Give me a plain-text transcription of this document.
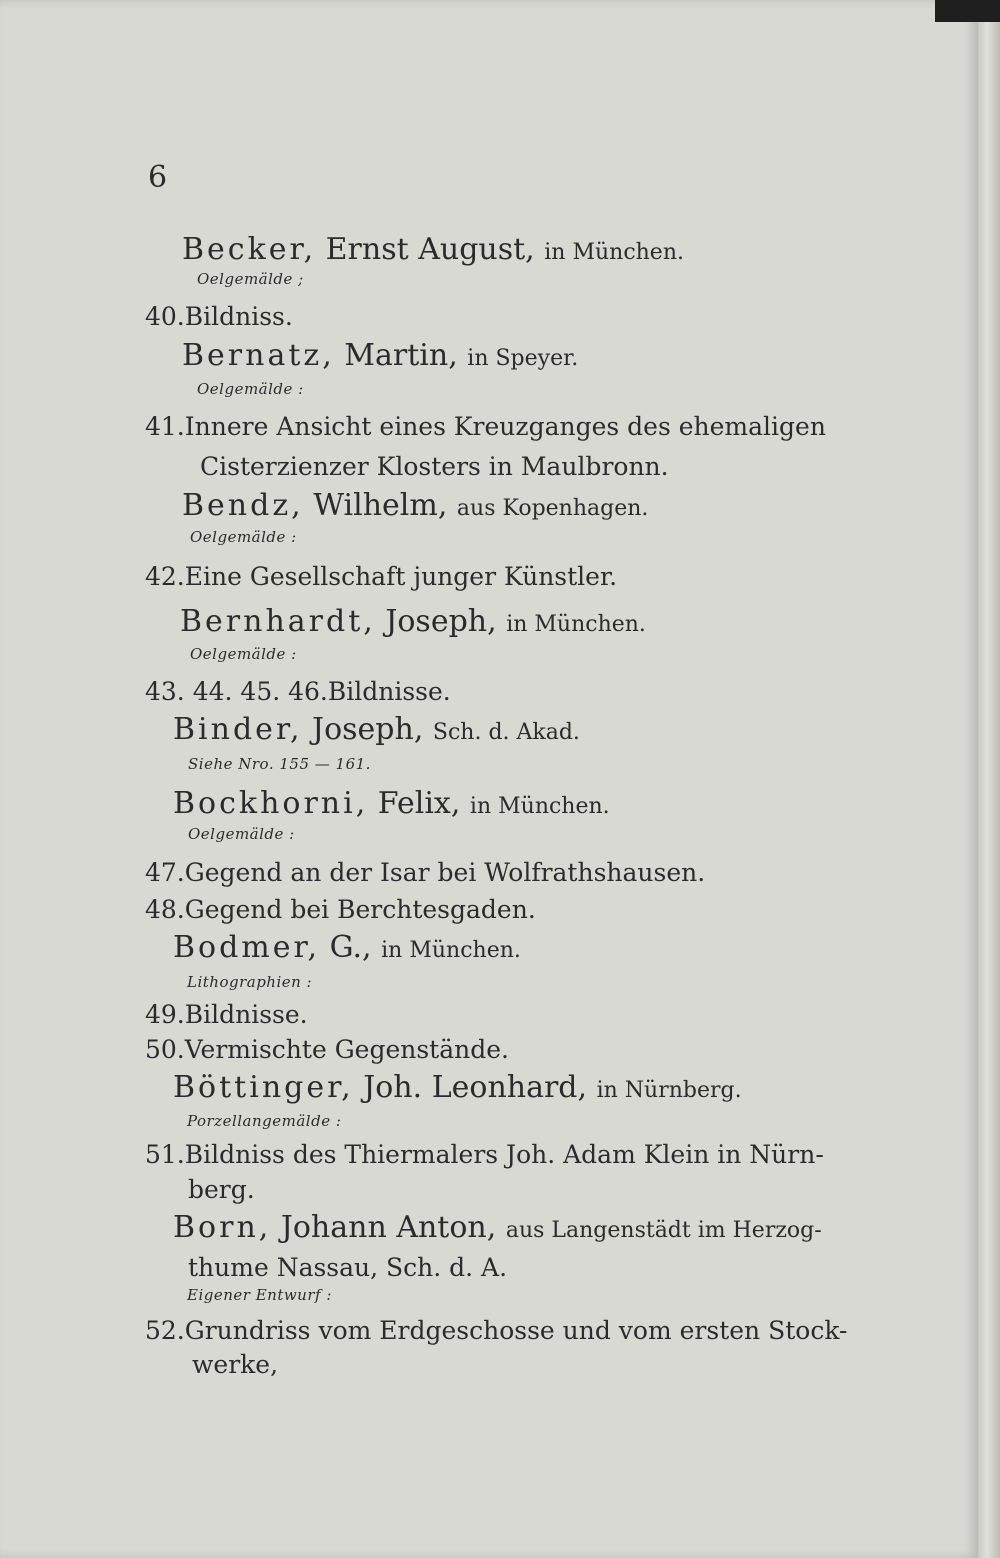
6
Becker, Ernst August, in München.
Oelgemälde ;
40.Bildniss.
Bernatz, Martin, in Speyer.
Oelgemälde :
41.Innere Ansicht eines Kreuzganges des ehemaligen
Cisterzienzer Klosters in Maulbronn.
Bendz, Wilhelm, aus Kopenhagen.
Oelgemälde :
42.Eine Gesellschaft junger Künstler.
Bernhardt, Joseph, in München.
Oelgemälde :
43. 44. 45. 46.Bildnisse.
Binder, Joseph, Sch. d. Akad.
Siehe Nro. 155 — 161.
Bockhorni, Felix, in München.
Oelgemälde :
47.Gegend an der Isar bei Wolfrathshausen.
48.Gegend bei Berchtesgaden.
Bodmer, G., in München.
Lithographien :
49.Bildnisse.
50.Vermischte Gegenstände.
Böttinger, Joh. Leonhard, in Nürnberg.
Porzellangemälde :
51.Bildniss des Thiermalers Joh. Adam Klein in Nürn-
berg.
Born, Johann Anton, aus Langenstädt im Herzog-
thume Nassau, Sch. d. A.
Eigener Entwurf :
52.Grundriss vom Erdgeschosse und vom ersten Stock-
werke,
